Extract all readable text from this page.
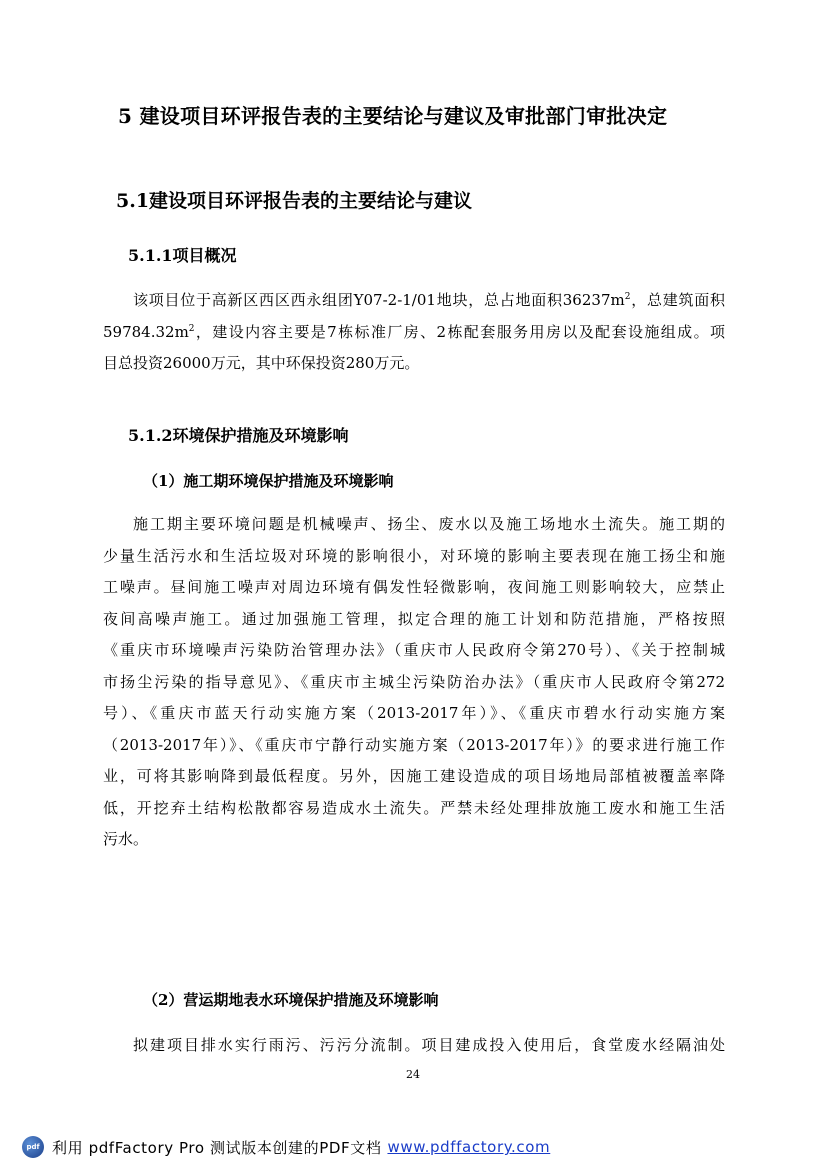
5 建设项目环评报告表的主要结论与建议及审批部门审批决定
5.1建设项目环评报告表的主要结论与建议
5.1.1项目概况
该项目位于高新区西区西永组团Y07-2-1/01地块，总占地面积$36237m^2$，总建筑面积
$59784.32m^2$，建设内容主要是7栋标准厂房、2栋配套服务用房以及配套设施组成。项
目总投资26000万元，其中环保投资280万元。
5.1.2环境保护措施及环境影响
（1）施工期环境保护措施及环境影响
施工期主要环境问题是机械噪声、扬尘、废水以及施工场地水土流失。施工期的
少量生活污水和生活垃圾对环境的影响很小，对环境的影响主要表现在施工扬尘和施
工噪声。昼间施工噪声对周边环境有偶发性轻微影响，夜间施工则影响较大，应禁止
夜间高噪声施工。通过加强施工管理，拟定合理的施工计划和防范措施，严格按照
《重庆市环境噪声污染防治管理办法》（重庆市人民政府令第270号）、《关于控制城
市扬尘污染的指导意见》、《重庆市主城尘污染防治办法》（重庆市人民政府令第272
号）、《重庆市蓝天行动实施方案（2013-2017年）》、《重庆市碧水行动实施方案
（2013-2017年）》、《重庆市宁静行动实施方案（2013-2017年）》的要求进行施工作
业，可将其影响降到最低程度。另外，因施工建设造成的项目场地局部植被覆盖率降
低，开挖弃土结构松散都容易造成水土流失。严禁未经处理排放施工废水和施工生活
污水。
（2）营运期地表水环境保护措施及环境影响
拟建项目排水实行雨污、污污分流制。项目建成投入使用后，食堂废水经隔油处
24
pdf 利用 pdfFactory Pro 测试版本创建的PDF文档 www.pdffactory.com
